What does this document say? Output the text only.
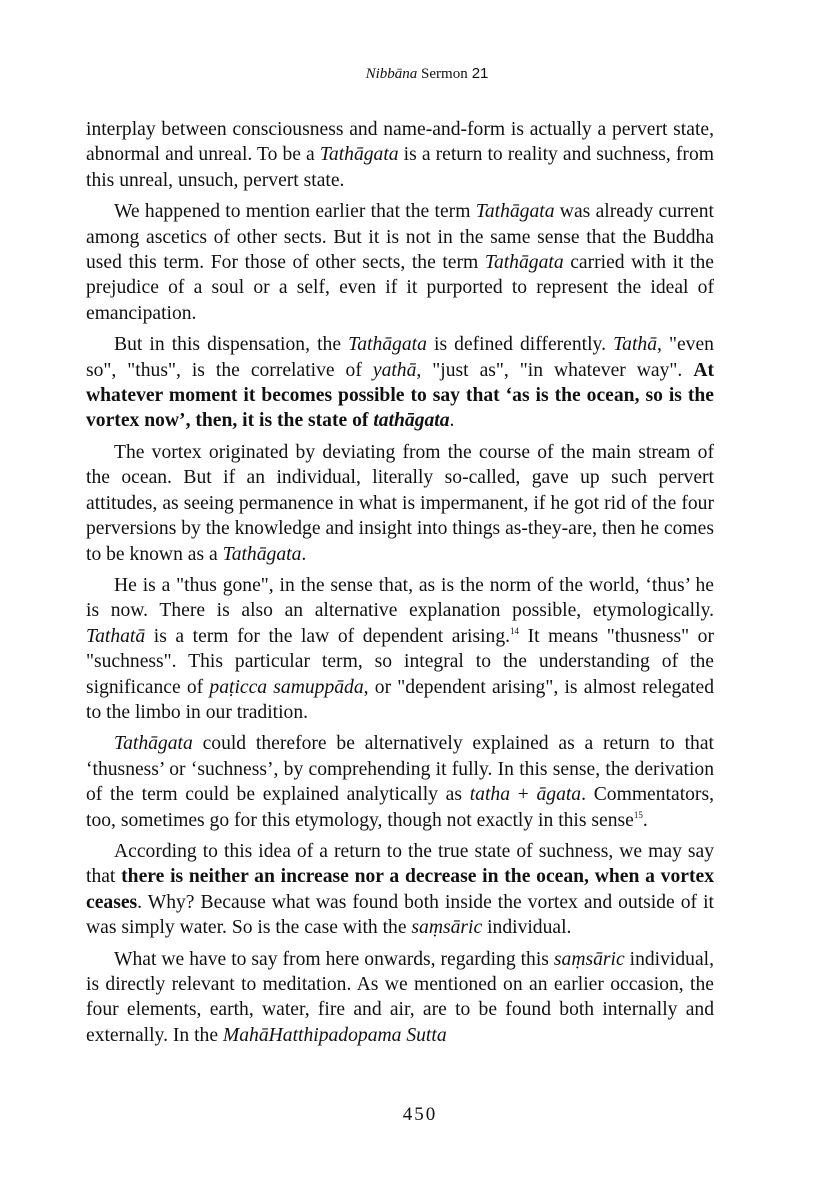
Nibbāna Sermon21

interplay between consciousness and name-and-form is actually a pervert state, abnormal and unreal. To be a Tathāgata is a return to reality and suchness, from this unreal, unsuch, pervert state.

We happened to mention earlier that the term Tathāgata was already current among ascetics of other sects. But it is not in the same sense that the Buddha used this term. For those of other sects, the term Tathāgata carried with it the prejudice of a soul or a self, even if it purported to represent the ideal of emancipation.

But in this dispensation, the Tathāgata is defined differently. Tathā, "even so", "thus", is the correlative of yathā, "just as", "in whatever way". At whatever moment it becomes possible to say that ‘as is the ocean, so is the vortex now’, then, it is the state of tathāgata.

The vortex originated by deviating from the course of the main stream of the ocean. But if an individual, literally so-called, gave up such pervert attitudes, as seeing permanence in what is impermanent, if he got rid of the four perversions by the knowledge and insight into things as-they-are, then he comes to be known as a Tathāgata.

He is a "thus gone", in the sense that, as is the norm of the world, ‘thus’ he is now. There is also an alternative explanation possible, etymologically. Tathatā is a term for the law of dependent arising.$^{14}$ It means "thusness" or "suchness". This particular term, so integral to the understanding of the significance of paṭicca samuppāda, or "dependent arising", is almost relegated to the limbo in our tradition.

Tathāgata could therefore be alternatively explained as a return to that ‘thusness’ or ‘suchness’, by comprehending it fully. In this sense, the derivation of the term could be explained analytically as tatha + āgata. Commentators, too, sometimes go for this etymology, though not exactly in this sense$^{15}$.

According to this idea of a return to the true state of suchness, we may say that there is neither an increase nor a decrease in the ocean, when a vortex ceases. Why? Because what was found both inside the vortex and outside of it was simply water. So is the case with the saṃsāric individual.

What we have to say from here onwards, regarding this saṃsāric individual, is directly relevant to meditation. As we mentioned on an earlier occasion, the four elements, earth, water, fire and air, are to be found both internally and externally. In the MahāHatthipadopama Sutta

450
